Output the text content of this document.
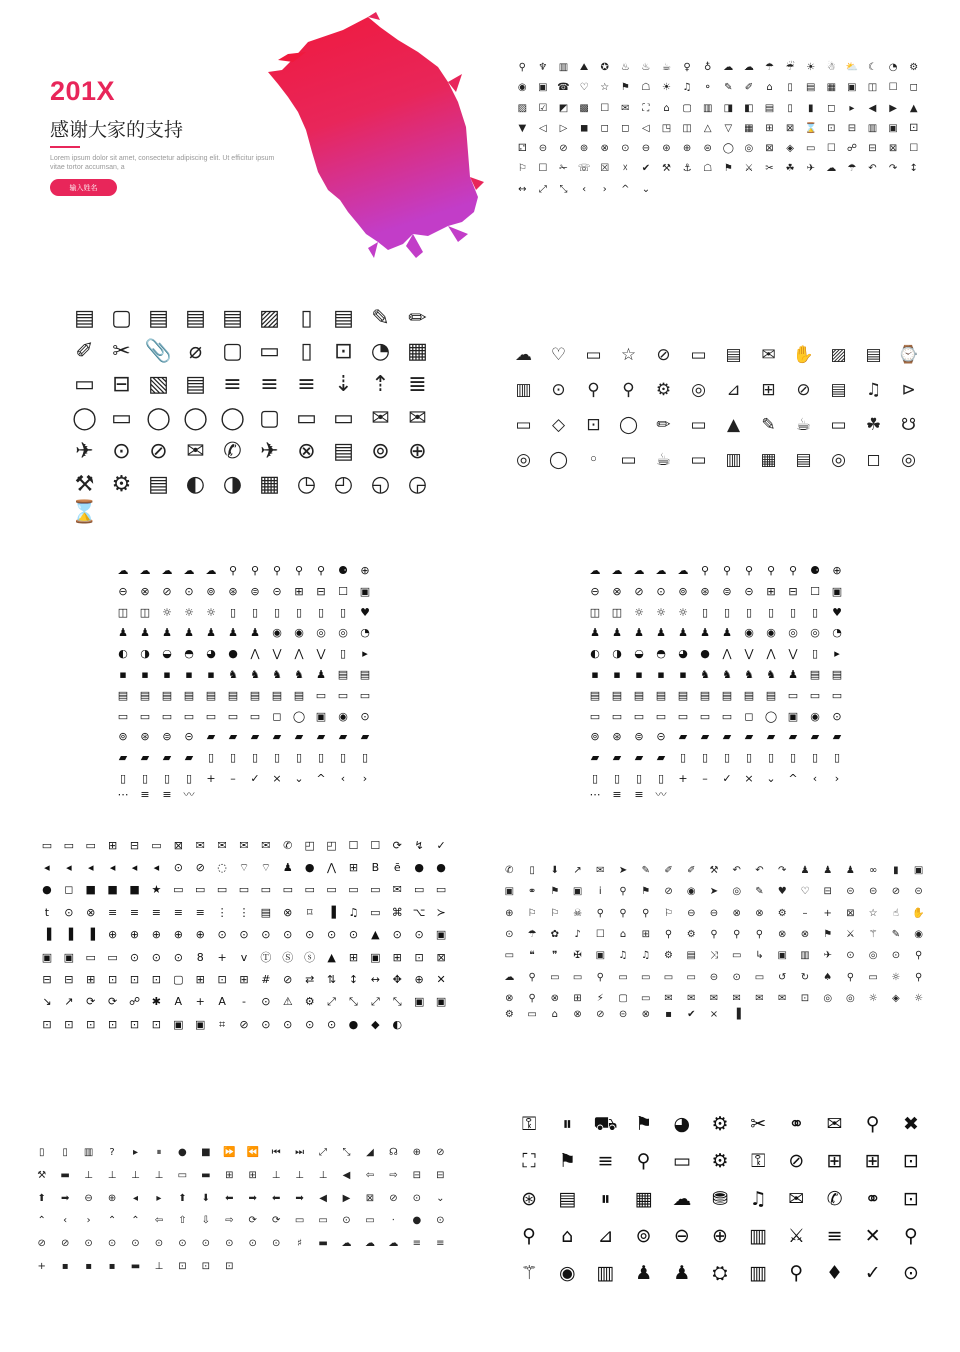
201X
感谢大家的支持
Lorem ipsum dolor sit amet, consectetur adipiscing elit. Ut efficitur ipsum vitae tortor accumsan, a
输入姓名
⚲	♆	▥	⛰	✪	♨	♨	☕	♀	♁	☁	☁	☂	☔	☀	☃ ⛅ ☾	◔	⚙
◉	▣ ☎ ♡	☆	⚑	☖	☀	♫	⚬	✎	✐	⌂	▯	▤	▦	▣	◫	☐	◻
▨	☑	◩	▩	☐	✉	⛶	⌂	▢	▥	◨	◧	▤	▯	▮	◻	▸	◀	▶	▲
▼	◁	▷	◼	◻	◻	◁	◳	◫	△	▽	▦	⊞	⊠	⌛	⊡	⊟	▥	▣	⚀
⚁	⊝	⊘	⊚	⊗	⊙	⊖	⊛	⊕	⊜	◯	◎	⊠	◈	▭	☐	☍	⊟	⊠	☐
⚐	☐	✁	☏ ☒	☓	✔	⚒	⚓	☖	⚑	⚔	✂	☘	✈	☁	☂	↶	↷	↕
↔	⤢	⤡	‹	›	^	⌄
▤ ▢ ▤ ▤ ▤ ▨ ▯ ▤ ✎ ✏
✐ ✂ 📎 ⌀ ▢ ▭ ▯ ⊡ ◔ ▦
▭ ⊟ ▧ ▤ ≡ ≡ ≡ ⇣ ⇡ ≣
◯ ▭ ◯ ◯ ◯ ▢ ▭ ▭ ✉ ✉
✈ ⊙ ⊘ ✉ ✆ ✈ ⊗ ▤ ⊚ ⊕
⚒ ⚙ ▤ ◐ ◑ ▦ ◷ ◴ ◵ ◶
⌛
☁	♡	▭	☆	⊘	▭	▤	✉	✋ ▨	▤ ⌚
▥	⊙	⚲	⚲	⚙	◎	⊿	⊞	⊘	▤	♫	⊳
▭	◇	⊡	◯	✏	▭	▲	✎	☕	▭	☘	☋
◎	◯	◦	▭	☕	▭	▥	▦	▤	◎	◻	◎
☁	☁	☁	☁	☁	⚲	⚲	⚲	⚲	⚲	⚈	⊕
⊖	⊗	⊘	⊙	⊚	⊛	⊜	⊝	⊞	⊟	☐	▣
◫	◫	☼	☼	☼	▯	▯	▯	▯	▯	▯	♥
♟	♟	♟	♟	♟	♟	♟	◉	◉	◎	◎	◔
◐	◑	◒	◓	◕	●	⋀	⋁	⋀	⋁	▯	▸
▪	▪	▪	▪	▪	♞	♞	♞	♞	♟	▤	▤
▤	▤	▤	▤	▤	▤	▤	▤	▤	▭	▭	▭
▭	▭	▭	▭	▭	▭	▭	◻	◯ ▣	◉	⊙
⊚	⊛	⊜	⊝	▰	▰	▰	▰	▰	▰	▰	▰
▰	▰	▰	▰	▯	▯	▯	▯	▯	▯	▯	▯
▯	▯	▯	▯	+	–	✓	×	⌄	^	‹	›
⋯	≡	≡	〰
☁	☁	☁	☁	☁	⚲	⚲	⚲	⚲	⚲	⚈	⊕
⊖	⊗	⊘	⊙	⊚	⊛	⊜	⊝	⊞	⊟	☐	▣
◫	◫	☼	☼	☼	▯	▯	▯	▯	▯	▯	♥
♟	♟	♟	♟	♟	♟	♟	◉	◉	◎	◎	◔
◐	◑	◒	◓	◕	●	⋀	⋁	⋀	⋁	▯	▸
▪	▪	▪	▪	▪	♞	♞	♞	♞	♟	▤	▤
▤	▤	▤	▤	▤	▤	▤	▤	▤	▭	▭	▭
▭	▭	▭	▭	▭	▭	▭	◻	◯ ▣	◉	⊙
⊚	⊛	⊜	⊝	▰	▰	▰	▰	▰	▰	▰	▰
▰	▰	▰	▰	▯	▯	▯	▯	▯	▯	▯	▯
▯	▯	▯	▯	+	–	✓	×	⌄	^	‹	›
⋯	≡	≡	〰
▭	▭	▭	⊞	⊟	▭	⊠	✉	✉	✉	✉	✆	◰	◰	☐	☐	⟳	↯	✓
◂	◂	◂	◂	◂	◂	⊙	⊘	◌	⌔	⌔	♟	●	⋀	⊞	B	ē	●	●
●	◻	■	■	■	★	▭	▭	▭	▭	▭	▭	▭	▭	▭	▭	✉	▭	▭
t	⊙	⊗	≡	≡	≡	≡	≡	⋮ ⋮	▤	⊗	⌑	▐	♫	▭	⌘ ⌥ ≻
▐	▐	▐	⊕	⊕	⊕	⊕	⊕	⊙	⊙	⊙	⊙	⊙	⊙	⊙	▲	⊙	⊙	▣
▣	▣	▭	▭	⊙	⊙	⊙	8	+	v	Ⓣ Ⓢ ⓢ	▲	⊞	▣	⊞	⊡	⊠
⊟	⊟	⊞	⊡	⊡	⊡	▢	⊞	⊡	⊞	#	⊘	⇄	⇅	↕	↔	✥	⊕	✕
↘	↗	⟳	⟳	☍	✱	A	+	A	-	⊙	⚠	⚙	⤢	⤡	⤢	⤡	▣	▣
⊡	⊡	⊡	⊡	⊡	⊡	▣	▣	⌗	⊘	⊙	⊙	⊙	⊙	●	◆	◐
✆	▯	⬇	↗	✉	➤	✎	✐	✐	⚒	↶	↶	↷	♟	♟	♟	∞	▮	▣
▣	⚭	⚑	▣	i	⚲	⚑	⊘	◉	➤	◎	✎	♥	♡	⊟	⊝	⊝	⊘	⊝
⊕	⚐	⚐	☠	⚲	⚲	⚲	⚐	⊖	⊖	⊗	⊗	⚙	–	+	⊠	☆	☝	✋
⊙	☂	✿	♪	☐	⌂	⊞	⚲	⚙	⚲	⚲	⚲	⊗	⊗	⚑	⚔	⚚	✎	◉
▭	❝	❞	✠	▣	♫	♫	⚙	▤	⤨	▭	↳	▣	▥	✈	⊙	◎	⊙	⚲
☁	⚲	▭	▭	⚲	▭	▭	▭	▭	⊝	⊙	▭	↺	↻	♠	⚲	▭	☼	⚲
⊗	⚲	⊗	⊞	⚡	▢	▭	✉	✉	✉	✉	✉	✉	⊡	◎	◎	☼	◈	☼
⚙	▭	⌂	⊗	⊘	⊝	⊗	▪	✔	×	▐
▯	▯	▥	?	▸	⏸	●	■	⏩	⏪	⏮	⏭	⤢	⤡	◢	☊	⊕	⊘
⚒	▬	⊥	⊥	⊥	⊥	▭	▬	⊞	⊞	⊥	⊥	⊥	◀	⇦	⇨	⊟	⊟
⬆	➡	⊖	⊕	◂	▸	⬆	⬇	⬅	➡	⬅	➡	◀	▶	⊠	⊘	⊙	⌄
⌃	‹	›	⌃	⌃	⇦	⇧	⇩	⇨	⟳	⟳	▭	▭	⊙	▭	⋅	●	⊙
⊘	⊘	⊙	⊙	⊙	⊙	⊙	⊙	⊙	⊙	⊙	♯	▬	☁	☁	☁	≡	≡
+	▪	▪	▪	▬	⊥	⊡	⊡	⊡
⚿	⏸	⛟ ⚑	◕	⚙	✂	⚭	✉	⚲	✖
⛶	⚑	≡	⚲	▭	⚙	⚿	⊘	⊞	⊞	⊡
⊛	▤	⏸	▦	☁	⛃	♫	✉	✆	⚭	⊡
⚲	⌂	⊿	⊚	⊖	⊕	▥	⚔	≡	✕	⚲
⚚	◉	▥	♟	♟	⛭	▥	⚲	♦	✓	⊙
